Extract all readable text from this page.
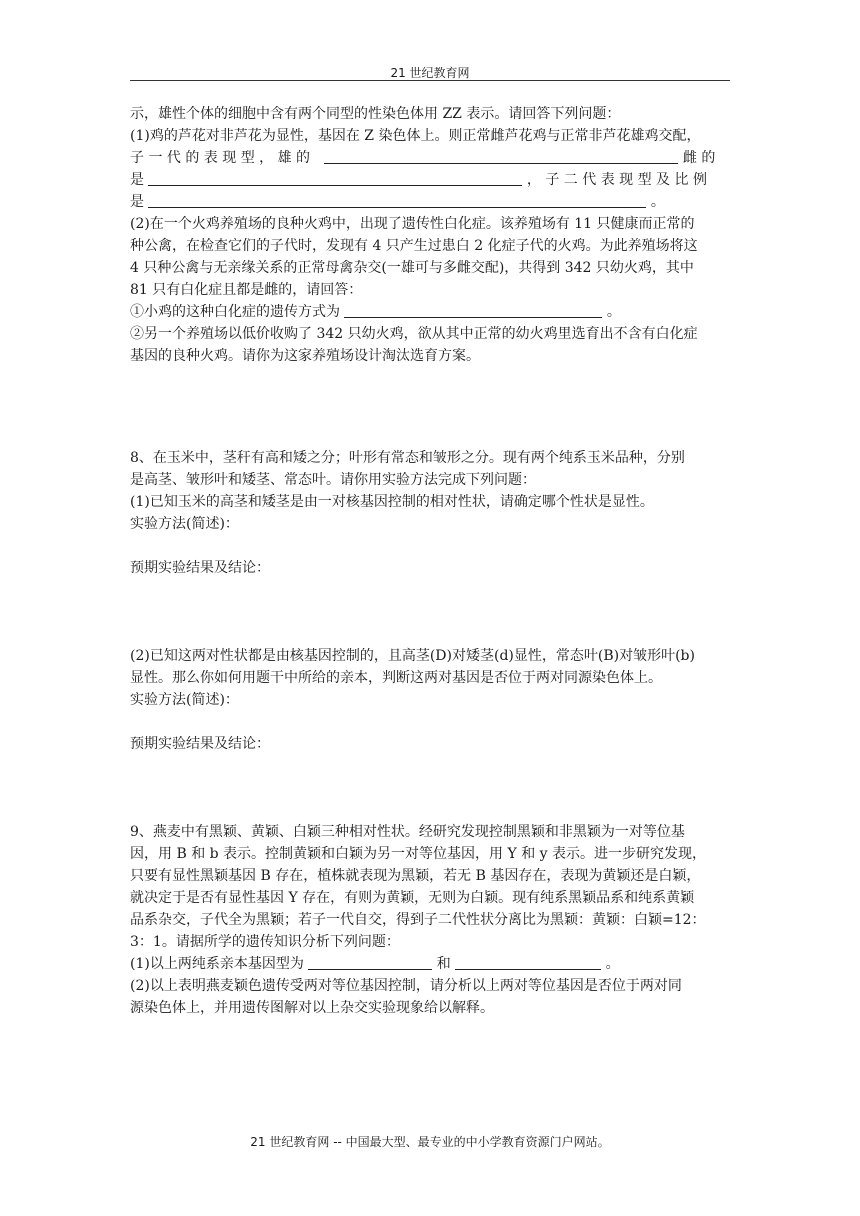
21 世纪教育网
示，雄性个体的细胞中含有两个同型的性染色体用 ZZ 表示。请回答下列问题：
(1)鸡的芦花对非芦花为显性，基因在 Z 染色体上。则正常雌芦花鸡与正常非芦花雄鸡交配，
子 一 代 的 表 现 型 ， 雄 的	雌 的
是	， 子 二 代 表 现 型 及 比 例
是	。
(2)在一个火鸡养殖场的良种火鸡中，出现了遗传性白化症。该养殖场有 11 只健康而正常的
种公禽，在检查它们的子代时，发现有 4 只产生过患白 2 化症子代的火鸡。为此养殖场将这
4 只种公禽与无亲缘关系的正常母禽杂交(一雄可与多雌交配)，共得到 342 只幼火鸡，其中
81 只有白化症且都是雌的，请回答：
①小鸡的这种白化症的遗传方式为	。
②另一个养殖场以低价收购了 342 只幼火鸡，欲从其中正常的幼火鸡里选育出不含有白化症
基因的良种火鸡。请你为这家养殖场设计淘汰选育方案。
8、在玉米中，茎秆有高和矮之分；叶形有常态和皱形之分。现有两个纯系玉米品种，分别
是高茎、皱形叶和矮茎、常态叶。请你用实验方法完成下列问题：
(1)已知玉米的高茎和矮茎是由一对核基因控制的相对性状，请确定哪个性状是显性。
实验方法(简述)：
预期实验结果及结论：
(2)已知这两对性状都是由核基因控制的，且高茎(D)对矮茎(d)显性，常态叶(B)对皱形叶(b)
显性。那么你如何用题干中所给的亲本，判断这两对基因是否位于两对同源染色体上。
实验方法(简述)：
预期实验结果及结论：
9、燕麦中有黑颖、黄颖、白颖三种相对性状。经研究发现控制黑颖和非黑颖为一对等位基
因，用 B 和 b 表示。控制黄颖和白颖为另一对等位基因，用 Y 和 y 表示。进一步研究发现，
只要有显性黑颖基因 B 存在，植株就表现为黑颖，若无 B 基因存在，表现为黄颖还是白颖，
就决定于是否有显性基因 Y 存在，有则为黄颖，无则为白颖。现有纯系黑颖品系和纯系黄颖
品系杂交，子代全为黑颖；若子一代自交，得到子二代性状分离比为黑颖：黄颖：白颖=12：
3：1。请据所学的遗传知识分析下列问题：
(1)以上两纯系亲本基因型为	和	。
(2)以上表明燕麦颖色遗传受两对等位基因控制，请分析以上两对等位基因是否位于两对同
源染色体上，并用遗传图解对以上杂交实验现象给以解释。
21 世纪教育网 -- 中国最大型、最专业的中小学教育资源门户网站。
